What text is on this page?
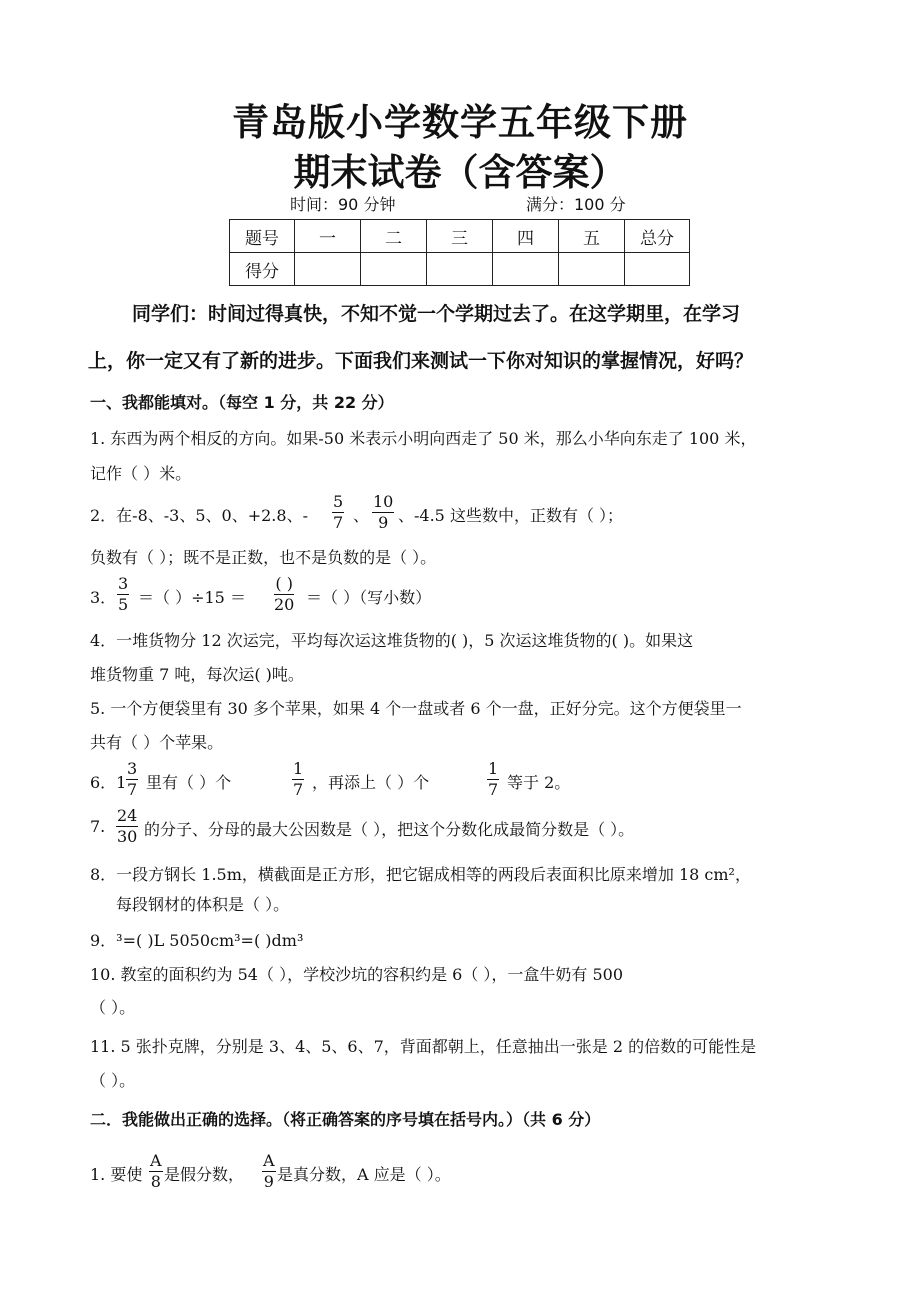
青岛版小学数学五年级下册
期末试卷（含答案）
时间：90 分钟	满分：100 分
题号	一	二	三	四	五	总分
得分						
同学们：时间过得真快，不知不觉一个学期过去了。在这学期里，在学习
上，你一定又有了新的进步。下面我们来测试一下你对知识的掌握情况，好吗？
一、我都能填对。（每空 1 分，共 22 分）
1. 东西为两个相反的方向。如果-50 米表示小明向西走了 50 米，那么小华向东走了 100 米，
记作（ ）米。
2．在-8、-3、5、0、+2.8、- $\frac{5}{7}$ 、 $\frac{10}{9}$ 、-4.5 这些数中，正数有（ ）；
负数有（ ）；既不是正数，也不是负数的是（ ）。
3． $\frac{3}{5}$ ＝（ ）÷15 ＝
( )
20 ＝（ ）（写小数）
4．一堆货物分 12 次运完，平均每次运这堆货物的( )，5 次运这堆货物的( )。如果这
堆货物重 7 吨，每次运( )吨。
5. 一个方便袋里有 30 多个苹果，如果 4 个一盘或者 6 个一盘，正好分完。这个方便袋里一
共有（ ）个苹果。
6．$1 \frac{3}{7}$ 里有（ ）个	$\frac{1}{7}$ ，再添上（ ）个	$\frac{1}{7}$ 等于 2。
7. $\frac{24}{30}$ 的分子、分母的最大公因数是（ ），把这个分数化成最简分数是（ ）。
8．一段方钢长 1.5m，横截面是正方形，把它锯成相等的两段后表面积比原来增加 18 cm²，
每段钢材的体积是（ ）。
9．³=( )L 5050cm³=( )dm³
10. 教室的面积约为 54（ ），学校沙坑的容积约是 6（ ），一盒牛奶有 500
（ ）。
11. 5 张扑克牌，分别是 3、4、5、6、7，背面都朝上，任意抽出一张是 2 的倍数的可能性是
（ ）。
二．我能做出正确的选择。（将正确答案的序号填在括号内。）（共 6 分）
1. 要使 $\frac{A}{8}$ 是假分数， $\frac{A}{9}$ 是真分数，A 应是（ ）。
